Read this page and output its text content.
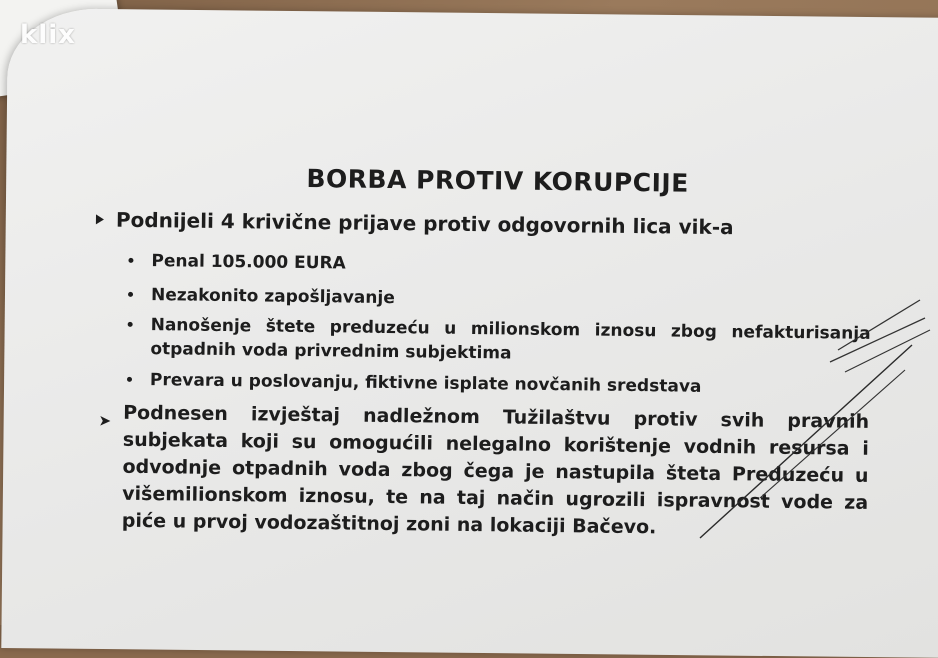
klix
BORBA PROTIV KORUPCIJE
Podnijeli 4 krivične prijave protiv odgovornih lica vik-a
Penal 105.000 EURA
Nezakonito zapošljavanje
Nanošenje štete preduzeću u milionskom iznosu zbog nefakturisanja otpadnih voda privrednim subjektima
Prevara u poslovanju, fiktivne isplate novčanih sredstava
➤ Podnesen izvještaj nadležnom Tužilaštvu protiv svih pravnih subjekata koji su omogućili nelegalno korištenje vodnih resursa i odvodnje otpadnih voda zbog čega je nastupila šteta Preduzeću u višemilionskom iznosu, te na taj način ugrozili ispravnost vode za piće u prvoj vodozaštitnoj zoni na lokaciji Bačevo.
